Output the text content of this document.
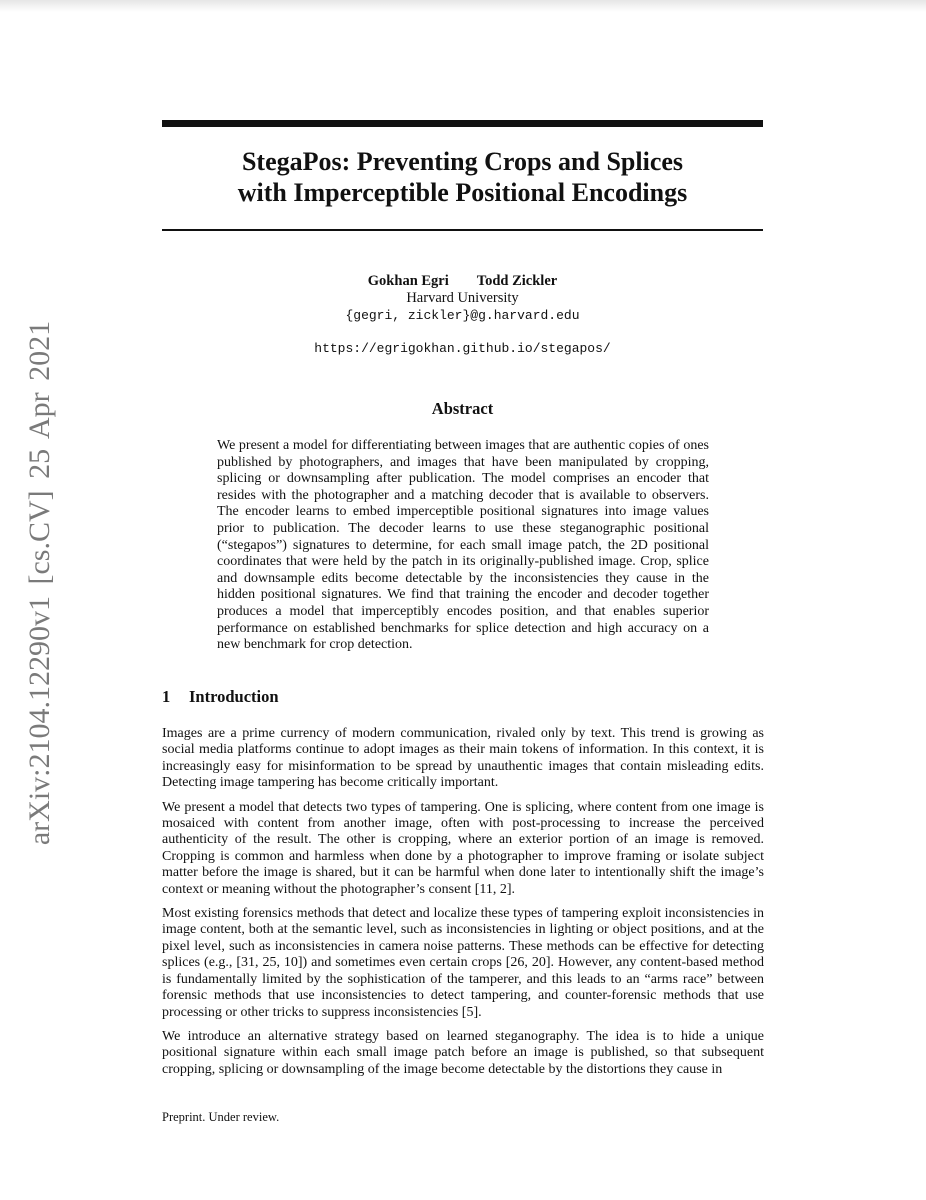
arXiv:2104.12290v1 [cs.CV] 25 Apr 2021
StegaPos: Preventing Crops and Splices
with Imperceptible Positional Encodings
Gokhan Egri Todd Zickler
Harvard University
{gegri, zickler}@g.harvard.edu
https://egrigokhan.github.io/stegapos/
Abstract
We present a model for differentiating between images that are authentic copies of ones published by photographers, and images that have been manipulated by cropping, splicing or downsampling after publication. The model comprises an encoder that resides with the photographer and a matching decoder that is available to observers. The encoder learns to embed imperceptible positional signatures into image values prior to publication. The decoder learns to use these steganographic positional (“stegapos”) signatures to determine, for each small image patch, the 2D positional coordinates that were held by the patch in its originally-published image. Crop, splice and downsample edits become detectable by the inconsistencies they cause in the hidden positional signatures. We find that training the encoder and decoder together produces a model that imperceptibly encodes position, and that enables superior performance on established benchmarks for splice detection and high accuracy on a new benchmark for crop detection.
1 Introduction

Images are a prime currency of modern communication, rivaled only by text. This trend is growing as social media platforms continue to adopt images as their main tokens of information. In this context, it is increasingly easy for misinformation to be spread by unauthentic images that contain misleading edits. Detecting image tampering has become critically important.

We present a model that detects two types of tampering. One is splicing, where content from one image is mosaiced with content from another image, often with post-processing to increase the perceived authenticity of the result. The other is cropping, where an exterior portion of an image is removed. Cropping is common and harmless when done by a photographer to improve framing or isolate subject matter before the image is shared, but it can be harmful when done later to intentionally shift the image’s context or meaning without the photographer’s consent [11, 2].

Most existing forensics methods that detect and localize these types of tampering exploit inconsistencies in image content, both at the semantic level, such as inconsistencies in lighting or object positions, and at the pixel level, such as inconsistencies in camera noise patterns. These methods can be effective for detecting splices (e.g., [31, 25, 10]) and sometimes even certain crops [26, 20]. However, any content-based method is fundamentally limited by the sophistication of the tamperer, and this leads to an “arms race” between forensic methods that use inconsistencies to detect tampering, and counter-forensic methods that use processing or other tricks to suppress inconsistencies [5].

We introduce an alternative strategy based on learned steganography. The idea is to hide a unique positional signature within each small image patch before an image is published, so that subsequent cropping, splicing or downsampling of the image become detectable by the distortions they cause in

Preprint. Under review.
